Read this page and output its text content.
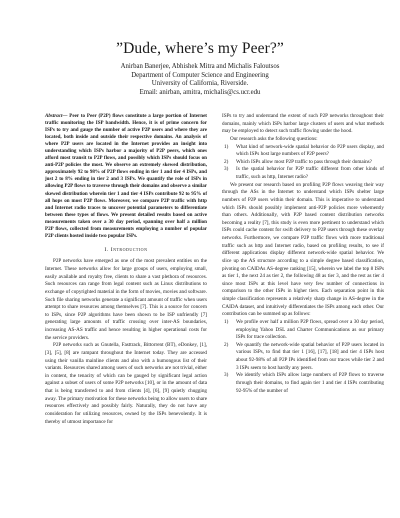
”Dude, where’s my Peer?”
Anirban Banerjee, Abhishek Mitra and Michalis Faloutsos
Department of Computer Science and Engineering
University of California, Riverside.
Email: anirban, amitra, michalis@cs.ucr.edu

Abstract— Peer to Peer (P2P) flows constitute a large portion of Internet traffic monitoring the ISP bandwidth. Hence, it is of prime concern for ISPs to try and gauge the number of active P2P users and where they are located, both inside and outside their respective domains. An analysis of where P2P users are located in the Internet provides an insight into understanding which ISPs harbor a majority of P2P peers, which ones afford most transit to P2P flows, and possibly which ISPs should focus on anti-P2P policies the most. We observe an extremely skewed distribution, approximately 92 to 98% of P2P flows ending in tier 1 and tier 4 ISPs, and just 2 to 8% ending in tier 2 and 3 ISPs. We quantify the role of ISPs in allowing P2P flows to traverse through their domains and observe a similar skewed distribution wherein tier 1 and tier 4 ISPs contribute 92 to 95% of all hops on most P2P flows. Moreover, we compare P2P traffic with http and Internet radio traces to uncover potential parameters to differentiate between these types of flows. We present detailed results based on active measurements taken over a 30 day period, spanning over half a million P2P flows, collected from measurements employing a number of popular P2P clients hosted inside two popular ISPs.

I. Introduction

P2P networks have emerged as one of the most prevalent entities on the Internet. These networks allow for large groups of users, employing small, easily available and royalty free, clients to share a vast plethora of resources. Such resources can range from legal content such as Linux distributions to exchange of copyrighted material in the form of movies, movies and software. Such file sharing networks generate a significant amount of traffic when users attempt to share resources among themselves [7]. This is a source for concern to ISPs, since P2P algorithms have been shown to be ISP unfriendly [7] generating large amounts of traffic crossing over inter-AS boundaries, increasing AS-AS traffic and hence resulting in higher operational costs for the service providers.

P2P networks such as Gnutella, Fasttrack, Bittorrent (BT), eDonkey, [1], [3], [5], [8] are rampant throughout the Internet today. They are accessed using their vanilla mainline clients and also with a humongous list of their variants. Resources shared among users of such networks are not trivial, either in content, the tenacity of which can be gauged by significant legal action against a subset of users of some P2P networks [10], or in the amount of data that is being transferred to and from clients [4], [6], [9] quietly chugging away. The primary motivation for these networks being to allow users to share resources effectively and possibly fairly. Naturally, they do not have any consideration for utilizing resources, owned by the ISPs benevolently. It is thereby of utmost importance for

ISPs to try and understand the extent of such P2P networks throughout their domains, mainly which ISPs harbor large clusters of users and what methods may be employed to detect such traffic flowing under the hood.

Our research asks the following questions:

1) What kind of network-wide spatial behavior do P2P users display, and which ISPs host large numbers of P2P peers?
2) Which ISPs allow most P2P traffic to pass through their domains?
3) Is the spatial behavior for P2P traffic different from other kinds of traffic, such as http, Internet radio?

We present our research based on profiling P2P flows weaving their way through the ASs in the Internet to understand which ISPs shelter large numbers of P2P users within their domain. This is imperative to understand which ISPs should possibly implement anti-P2P policies more vehemently than others. Additionally, with P2P based content distribution networks becoming a reality [7], this study is even more pertinent to understand which ISPs could cache content for swift delivery to P2P users through these overlay networks. Furthermore, we compare P2P traffic flows with more traditional traffic such as http and Internet radio, based on profiling results, to see if different applications display different network-wide spatial behavior. We slice up the AS structure according to a simple degree based classification, pivoting on CAIDAs AS-degree ranking [15], wherein we label the top 8 ISPs as tier 1, the next 24 as tier 2, the following 48 as tier 3, and the rest as tier 4 since most ISPs at this level have very few number of connections in comparison to the other ISPs in higher tiers. Each separation point in this simple classification represents a relatively sharp change in AS-degree in the CAIDA dataset, and intuitively differentiates the ISPs among each other. Our contribution can be summed up as follows:

1) We profile over half a million P2P flows, spread over a 30 day period, employing Yahoo DSL and Charter Communications as our primary ISPs for trace collection.
2) We quantify the network-wide spatial behavior of P2P users located in various ISPs, to find that tier 1 [16], [17], [18] and tier 4 ISPs host about 92-98% of all P2P IPs identified from our traces while tier 2 and 3 ISPs seem to host hardly any peers.
3) We identify which ISPs allow large numbers of P2P flows to traverse through their domains, to find again tier 1 and tier 4 ISPs contributing 92-95% of the number of
